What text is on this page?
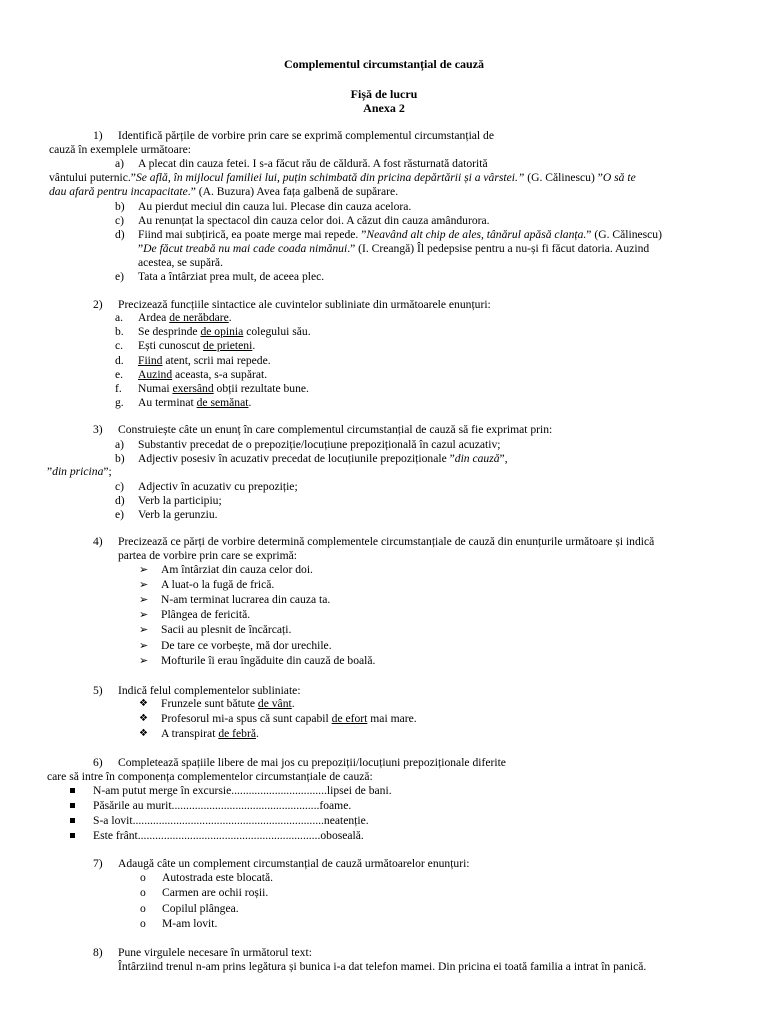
Complementul circumstanțial de cauză
Fișă de lucru
Anexa 2
1) Identifică părțile de vorbire prin care se exprimă complementul circumstanțial de
cauză în exemplele următoare:
a) A plecat din cauza fetei. I s-a făcut rău de căldură. A fost răsturnată datorită
vântului puternic.”Se află, în mijlocul familiei lui, puțin schimbată din pricina depărtării și a vârstei.” (G. Călinescu) ”O să te
dau afară pentru incapacitate.” (A. Buzura) Avea fața galbenă de supărare.
b) Au pierdut meciul din cauza lui. Plecase din cauza acelora.
c) Au renunțat la spectacol din cauza celor doi. A căzut din cauza amândurora.
d) Fiind mai subțirică, ea poate merge mai repede. ”Neavând alt chip de ales, tânărul apăsă clanța.” (G. Călinescu)
”De făcut treabă nu mai cade coada nimănui.” (I. Creangă) Îl pedepsise pentru a nu-și fi făcut datoria. Auzind
acestea, se supără.
e) Tata a întârziat prea mult, de aceea plec.
2) Precizează funcțiile sintactice ale cuvintelor subliniate din următoarele enunțuri:
a. Ardea de nerăbdare.
b. Se desprinde de opinia colegului său.
c. Ești cunoscut de prieteni.
d. Fiind atent, scrii mai repede.
e. Auzind aceasta, s-a supărat.
f. Numai exersând obții rezultate bune.
g. Au terminat de semănat.
3) Construiește câte un enunț în care complementul circumstanțial de cauză să fie exprimat prin:
a) Substantiv precedat de o prepoziție/locuțiune prepozițională în cazul acuzativ;
b) Adjectiv posesiv în acuzativ precedat de locuțiunile prepoziționale ”din cauză”,
”din pricina”;
c) Adjectiv în acuzativ cu prepoziție;
d) Verb la participiu;
e) Verb la gerunziu.
4) Precizează ce părți de vorbire determină complementele circumstanțiale de cauză din enunțurile următoare și indică
partea de vorbire prin care se exprimă:
➢ Am întârziat din cauza celor doi.
➢ A luat-o la fugă de frică.
➢ N-am terminat lucrarea din cauza ta.
➢ Plângea de fericită.
➢ Sacii au plesnit de încărcați.
➢ De tare ce vorbește, mă dor urechile.
➢ Mofturile îi erau îngăduite din cauză de boală.
5) Indică felul complementelor subliniate:
❖ Frunzele sunt bătute de vânt.
❖ Profesorul mi-a spus că sunt capabil de efort mai mare.
❖ A transpirat de febră.
6) Completează spațiile libere de mai jos cu prepoziții/locuțiuni prepoziționale diferite
care să intre în componența complementelor circumstanțiale de cauză:
N-am putut merge în excursie.................................lipsei de bani.
Păsările au murit...................................................foame.
S-a lovit..................................................................neatenție.
Este frânt...............................................................oboseală.
7) Adaugă câte un complement circumstanțial de cauză următoarelor enunțuri:
o Autostrada este blocată.
o Carmen are ochii roșii.
o Copilul plângea.
o M-am lovit.
8) Pune virgulele necesare în următorul text:
Întârziind trenul n-am prins legătura și bunica i-a dat telefon mamei. Din pricina ei toată familia a intrat în panică.
